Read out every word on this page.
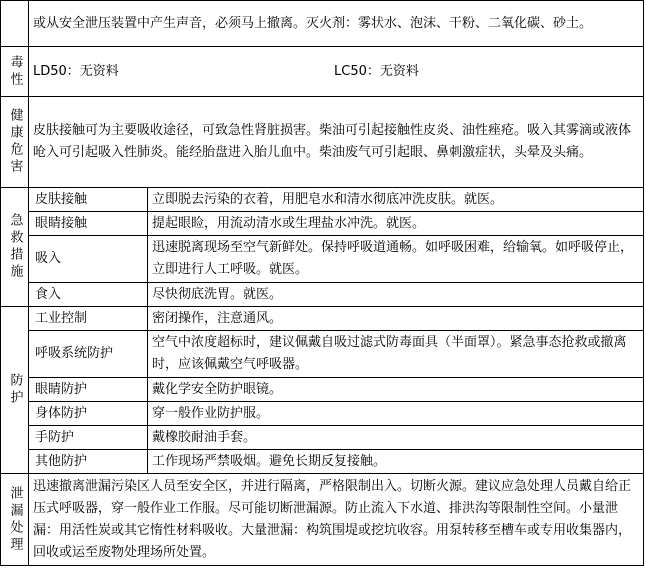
	或从安全泄压装置中产生声音，必须马上撤离。灭火剂：雾状水、泡沫、干粉、二氧化碳、砂土。	
毒性	LD50：无资料 LC50：无资料	

健康危害	皮肤接触可为主要吸收途径，可致急性肾脏损害。柴油可引起接触性皮炎、油性痤疮。吸入其雾滴或液体呛入可引起吸入性肺炎。能经胎盘进入胎儿血中。柴油废气可引起眼、鼻刺激症状，头晕及头痛。	
急救措施	皮肤接触	立即脱去污染的衣着，用肥皂水和清水彻底冲洗皮肤。就医。
	眼睛接触	提起眼睑，用流动清水或生理盐水冲洗。就医。
	吸入	迅速脱离现场至空气新鲜处。保持呼吸道通畅。如呼吸困难，给输氧。如呼吸停止，立即进行人工呼吸。就医。
	食入	尽快彻底洗胃。就医。
防护	工业控制	密闭操作，注意通风。
	呼吸系统防护	空气中浓度超标时，建议佩戴自吸过滤式防毒面具（半面罩）。紧急事态抢救或撤离时，应该佩戴空气呼吸器。
	眼睛防护	戴化学安全防护眼镜。
	身体防护	穿一般作业防护服。
	手防护	戴橡胶耐油手套。
	其他防护	工作现场严禁吸烟。避免长期反复接触。
泄漏处理	迅速撤离泄漏污染区人员至安全区，并进行隔离，严格限制出入。切断火源。建议应急处理人员戴自给正压式呼吸器，穿一般作业工作服。尽可能切断泄漏源。防止流入下水道、排洪沟等限制性空间。小量泄漏：用活性炭或其它惰性材料吸收。大量泄漏：构筑围堤或挖坑收容。用泵转移至槽车或专用收集器内，回收或运至废物处理场所处置。	
